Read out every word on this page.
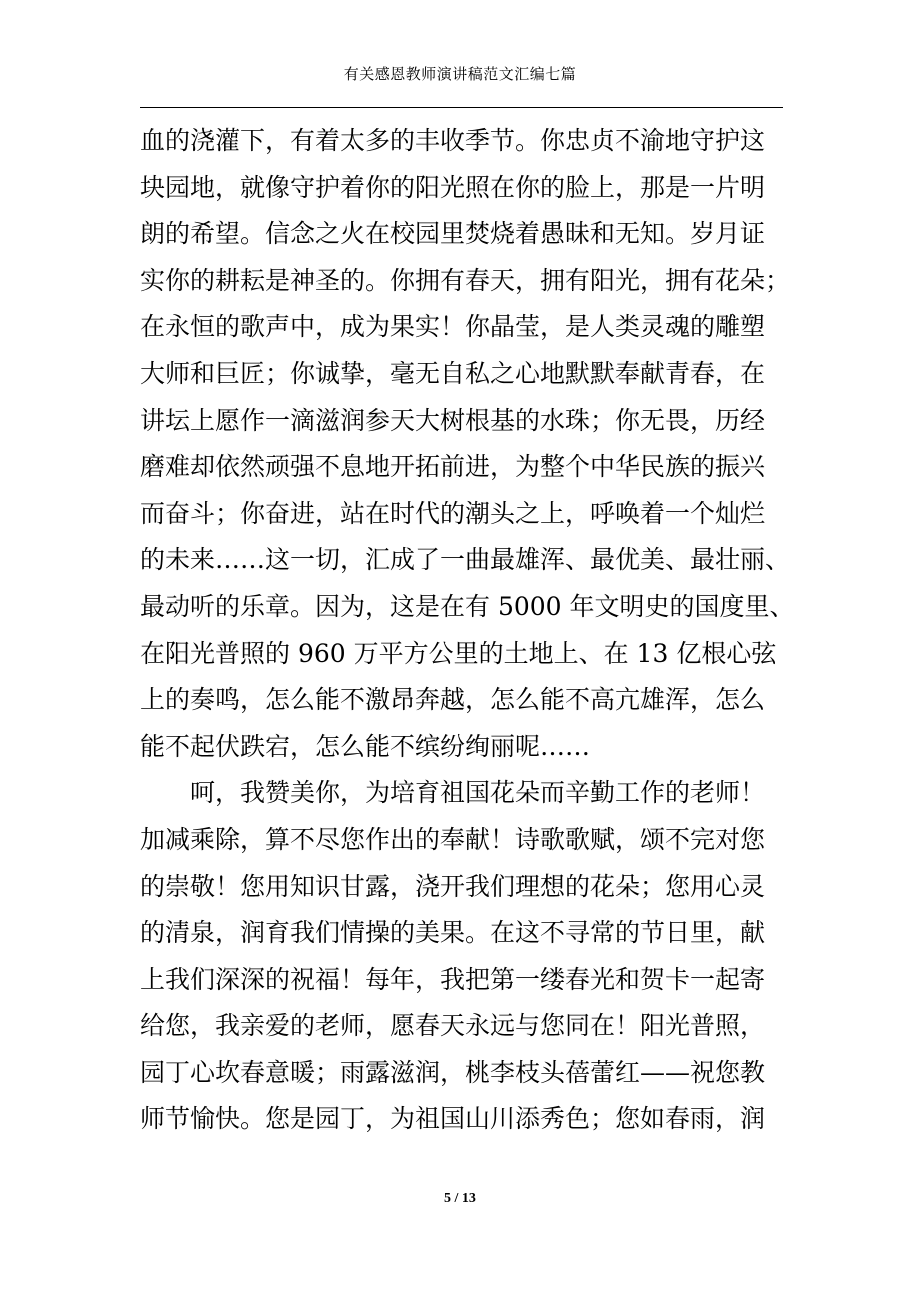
有关感恩教师演讲稿范文汇编七篇
血的浇灌下，有着太多的丰收季节。你忠贞不渝地守护这
块园地，就像守护着你的阳光照在你的脸上，那是一片明
朗的希望。信念之火在校园里焚烧着愚昧和无知。岁月证
实你的耕耘是神圣的。你拥有春天，拥有阳光，拥有花朵；
在永恒的歌声中，成为果实！你晶莹，是人类灵魂的雕塑
大师和巨匠；你诚挚，毫无自私之心地默默奉献青春，在
讲坛上愿作一滴滋润参天大树根基的水珠；你无畏，历经
磨难却依然顽强不息地开拓前进，为整个中华民族的振兴
而奋斗；你奋进，站在时代的潮头之上，呼唤着一个灿烂
的未来……这一切，汇成了一曲最雄浑、最优美、最壮丽、
最动听的乐章。因为，这是在有 5000 年文明史的国度里、
在阳光普照的 960 万平方公里的土地上、在 13 亿根心弦
上的奏鸣，怎么能不激昂奔越，怎么能不高亢雄浑，怎么
能不起伏跌宕，怎么能不缤纷绚丽呢……
呵，我赞美你，为培育祖国花朵而辛勤工作的老师！
加减乘除，算不尽您作出的奉献！诗歌歌赋，颂不完对您
的崇敬！您用知识甘露，浇开我们理想的花朵；您用心灵
的清泉，润育我们情操的美果。在这不寻常的节日里，献
上我们深深的祝福！每年，我把第一缕春光和贺卡一起寄
给您，我亲爱的老师，愿春天永远与您同在！阳光普照，
园丁心坎春意暖；雨露滋润，桃李枝头蓓蕾红——祝您教
师节愉快。您是园丁，为祖国山川添秀色；您如春雨，润
5 / 13
